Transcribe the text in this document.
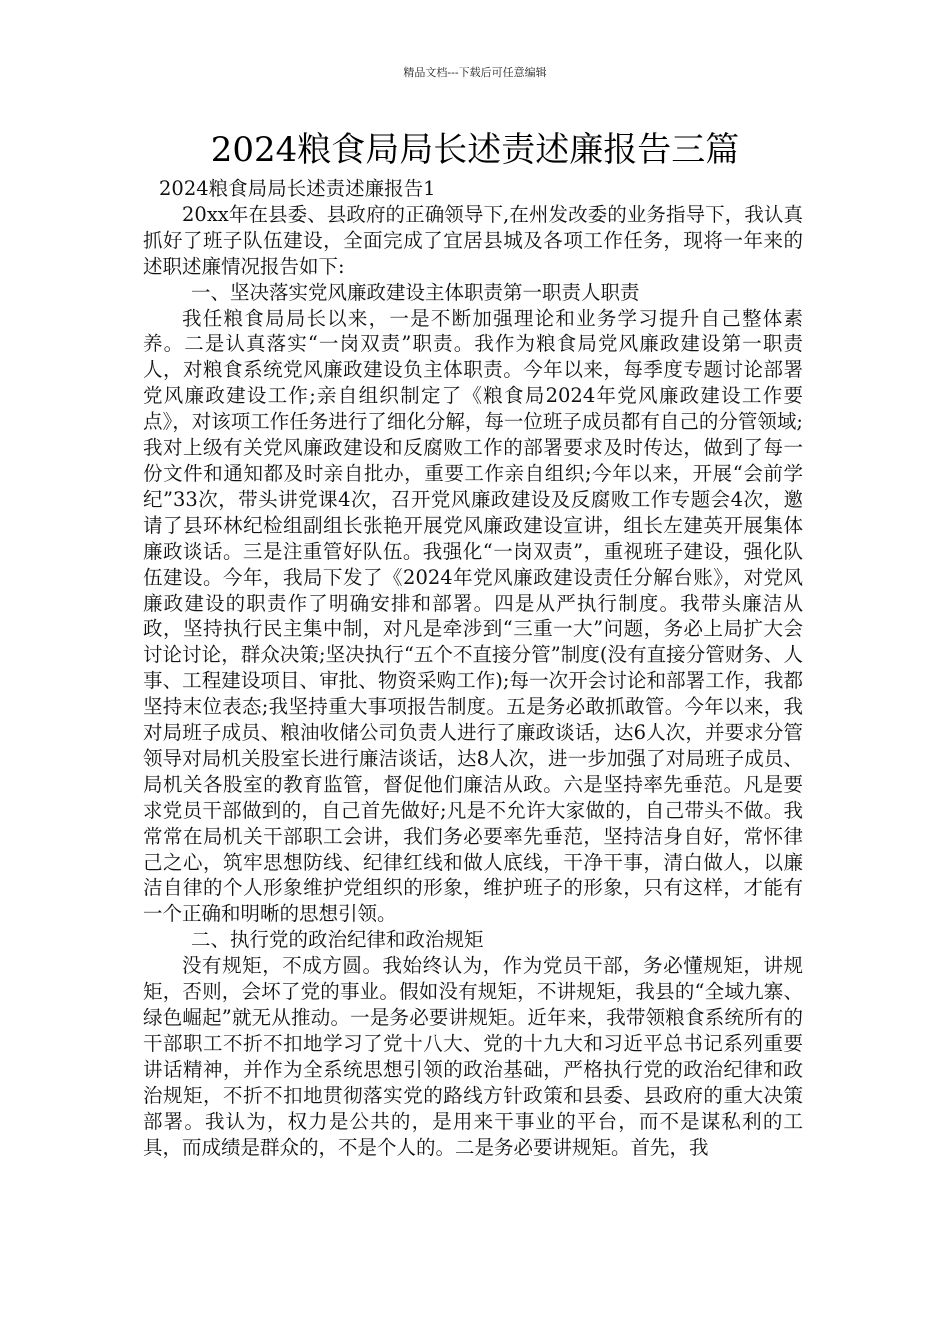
精品文档---下载后可任意编辑
2024粮食局局长述责述廉报告三篇

2024粮食局局长述责述廉报告1

20xx年在县委、县政府的正确领导下,在州发改委的业务指导下，我认真抓好了班子队伍建设，全面完成了宜居县城及各项工作任务，现将一年来的述职述廉情况报告如下:

一、坚决落实党风廉政建设主体职责第一职责人职责

我任粮食局局长以来，一是不断加强理论和业务学习提升自己整体素养。二是认真落实“一岗双责”职责。我作为粮食局党风廉政建设第一职责人，对粮食系统党风廉政建设负主体职责。今年以来，每季度专题讨论部署党风廉政建设工作;亲自组织制定了《粮食局2024年党风廉政建设工作要点》，对该项工作任务进行了细化分解，每一位班子成员都有自己的分管领域;我对上级有关党风廉政建设和反腐败工作的部署要求及时传达，做到了每一份文件和通知都及时亲自批办，重要工作亲自组织;今年以来，开展“会前学纪”33次，带头讲党课4次，召开党风廉政建设及反腐败工作专题会4次，邀请了县环林纪检组副组长张艳开展党风廉政建设宣讲，组长左建英开展集体廉政谈话。三是注重管好队伍。我强化“一岗双责”，重视班子建设，强化队伍建设。今年，我局下发了《2024年党风廉政建设责任分解台账》，对党风廉政建设的职责作了明确安排和部署。四是从严执行制度。我带头廉洁从政，坚持执行民主集中制，对凡是牵涉到“三重一大”问题，务必上局扩大会讨论讨论，群众决策;坚决执行“五个不直接分管”制度(没有直接分管财务、人事、工程建设项目、审批、物资采购工作);每一次开会讨论和部署工作，我都坚持末位表态;我坚持重大事项报告制度。五是务必敢抓敢管。今年以来，我对局班子成员、粮油收储公司负责人进行了廉政谈话，达6人次，并要求分管领导对局机关股室长进行廉洁谈话，达8人次，进一步加强了对局班子成员、局机关各股室的教育监管，督促他们廉洁从政。六是坚持率先垂范。凡是要求党员干部做到的，自己首先做好;凡是不允许大家做的，自己带头不做。我常常在局机关干部职工会讲，我们务必要率先垂范，坚持洁身自好，常怀律己之心，筑牢思想防线、纪律红线和做人底线，干净干事，清白做人，以廉洁自律的个人形象维护党组织的形象，维护班子的形象，只有这样，才能有一个正确和明晰的思想引领。

二、执行党的政治纪律和政治规矩

没有规矩，不成方圆。我始终认为，作为党员干部，务必懂规矩，讲规矩，否则，会坏了党的事业。假如没有规矩，不讲规矩，我县的“全域九寨、绿色崛起”就无从推动。一是务必要讲规矩。近年来，我带领粮食系统所有的干部职工不折不扣地学习了党十八大、党的十九大和习近平总书记系列重要讲话精神，并作为全系统思想引领的政治基础，严格执行党的政治纪律和政治规矩，不折不扣地贯彻落实党的路线方针政策和县委、县政府的重大决策部署。我认为，权力是公共的，是用来干事业的平台，而不是谋私利的工具，而成绩是群众的，不是个人的。二是务必要讲规矩。首先，我
